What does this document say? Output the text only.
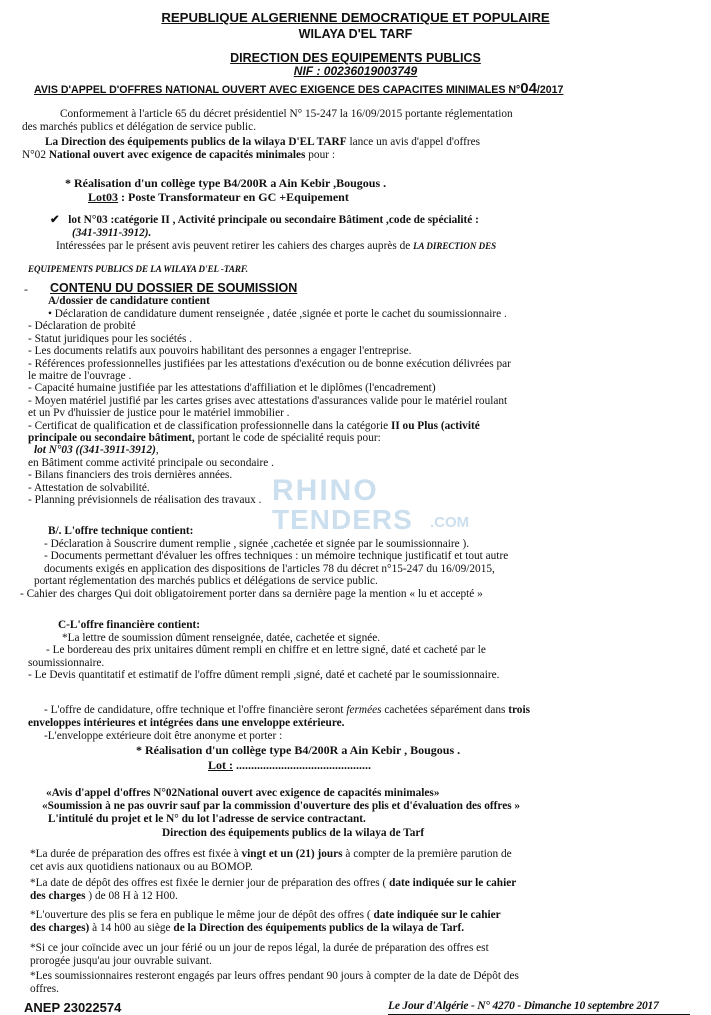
REPUBLIQUE ALGERIENNE DEMOCRATIQUE ET POPULAIRE
WILAYA D'EL TARF
DIRECTION DES EQUIPEMENTS PUBLICS
NIF : 00236019003749
AVIS D'APPEL D'OFFRES NATIONAL OUVERT AVEC EXIGENCE DES CAPACITES MINIMALES N°04/2017
Conformement à l'article 65 du décret présidentiel N° 15-247 la 16/09/2015 portante réglementation
des marchés publics et délégation de service public.
La Direction des équipements publics de la wilaya D'EL TARF lance un avis d'appel d'offres
N°02 National ouvert avec exigence de capacités minimales pour :
* Réalisation d'un collège type B4/200R a Ain Kebir ,Bougous .
Lot03 : Poste Transformateur en GC +Equipement
✔ lot N°03 :catégorie II , Activité principale ou secondaire Bâtiment ,code de spécialité :
(341-3911-3912).
Intéressées par le présent avis peuvent retirer les cahiers des charges auprès de LA DIRECTION DES
EQUIPEMENTS PUBLICS DE LA WILAYA D'EL -TARF.
- CONTENU DU DOSSIER DE SOUMISSION
A/dossier de candidature contient
• Déclaration de candidature dument renseignée , datée ,signée et porte le cachet du soumissionnaire .
- Déclaration de probité
- Statut juridiques pour les sociétés .
- Les documents relatifs aux pouvoirs habilitant des personnes a engager l'entreprise.
- Références professionnelles justifiées par les attestations d'exécution ou de bonne exécution délivrées par
le maitre de l'ouvrage .
- Capacité humaine justifiée par les attestations d'affiliation et le diplômes (l'encadrement)
- Moyen matériel justifié par les cartes grises avec attestations d'assurances valide pour le matériel roulant
et un Pv d'huissier de justice pour le matériel immobilier .
- Certificat de qualification et de classification professionnelle dans la catégorie II ou Plus (activité
principale ou secondaire bâtiment, portant le code de spécialité requis pour:
lot N°03 ((341-3911-3912),
en Bâtiment comme activité principale ou secondaire .
- Bilans financiers des trois dernières années.
- Attestation de solvabilité.
- Planning prévisionnels de réalisation des travaux .
B/. L'offre technique contient:
- Déclaration à Souscrire dument remplie , signée ,cachetée et signée par le soumissionnaire ).
- Documents permettant d'évaluer les offres techniques : un mémoire technique justificatif et tout autre
documents exigés en application des dispositions de l'articles 78 du décret n°15-247 du 16/09/2015,
portant réglementation des marchés publics et délégations de service public.
- Cahier des charges Qui doit obligatoirement porter dans sa dernière page la mention « lu et accepté »
C-L'offre financière contient:
*La lettre de soumission dûment renseignée, datée, cachetée et signée.
- Le bordereau des prix unitaires dûment rempli en chiffre et en lettre signé, daté et cacheté par le
soumissionnaire.
- Le Devis quantitatif et estimatif de l'offre dûment rempli ,signé, daté et cacheté par le soumissionnaire.
- L'offre de candidature, offre technique et l'offre financière seront fermées cachetées séparément dans trois
enveloppes intérieures et intégrées dans une enveloppe extérieure.
-L'enveloppe extérieure doit être anonyme et porter :
* Réalisation d'un collège type B4/200R a Ain Kebir , Bougous .
Lot : .............................................
«Avis d'appel d'offres N°02National ouvert avec exigence de capacités minimales»
«Soumission à ne pas ouvrir sauf par la commission d'ouverture des plis et d'évaluation des offres »
L'intitulé du projet et le N° du lot l'adresse de service contractant.
Direction des équipements publics de la wilaya de Tarf
*La durée de préparation des offres est fixée à vingt et un (21) jours à compter de la première parution de
cet avis aux quotidiens nationaux ou au BOMOP.
*La date de dépôt des offres est fixée le dernier jour de préparation des offres ( date indiquée sur le cahier
des charges ) de 08 H à 12 H00.
*L'ouverture des plis se fera en publique le même jour de dépôt des offres ( date indiquée sur le cahier
des charges) à 14 h00 au siège de la Direction des équipements publics de la wilaya de Tarf.
*Si ce jour coïncide avec un jour férié ou un jour de repos légal, la durée de préparation des offres est
prorogée jusqu'au jour ouvrable suivant.
*Les soumissionnaires resteront engagés par leurs offres pendant 90 jours à compter de la date de Dépôt des
offres.
ANEP 23022574	Le Jour d'Algérie - N° 4270 - Dimanche 10 septembre 2017
RHINO
TENDERS .COM
